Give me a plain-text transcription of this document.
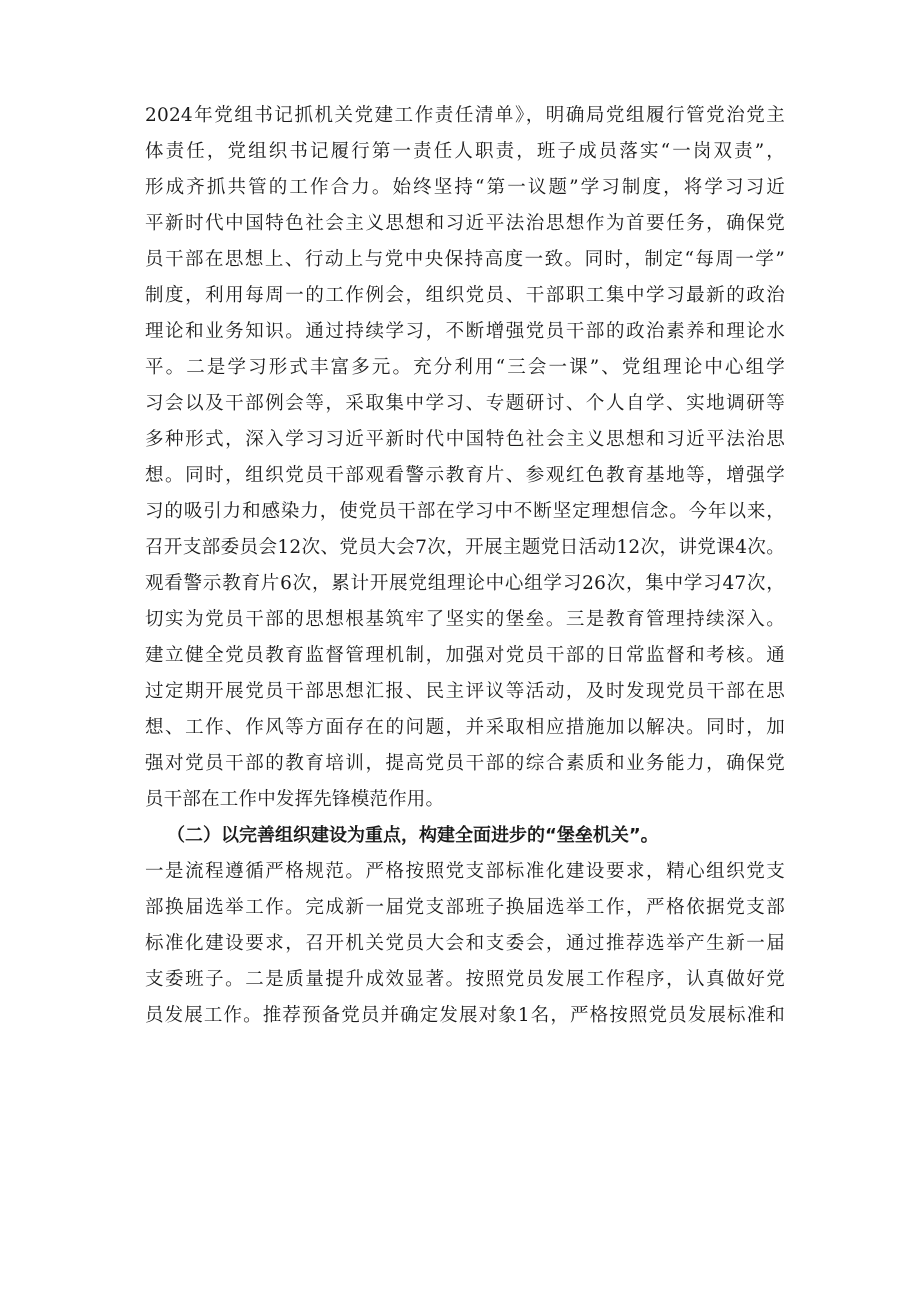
2024年党组书记抓机关党建工作责任清单》，明确局党组履行管党治党主
体责任，党组织书记履行第一责任人职责，班子成员落实“一岗双责”，
形成齐抓共管的工作合力。始终坚持“第一议题”学习制度，将学习习近
平新时代中国特色社会主义思想和习近平法治思想作为首要任务，确保党
员干部在思想上、行动上与党中央保持高度一致。同时，制定“每周一学”
制度，利用每周一的工作例会，组织党员、干部职工集中学习最新的政治
理论和业务知识。通过持续学习，不断增强党员干部的政治素养和理论水
平。二是学习形式丰富多元。充分利用“三会一课”、党组理论中心组学
习会以及干部例会等，采取集中学习、专题研讨、个人自学、实地调研等
多种形式，深入学习习近平新时代中国特色社会主义思想和习近平法治思
想。同时，组织党员干部观看警示教育片、参观红色教育基地等，增强学
习的吸引力和感染力，使党员干部在学习中不断坚定理想信念。今年以来，
召开支部委员会12次、党员大会7次，开展主题党日活动12次，讲党课4次。
观看警示教育片6次，累计开展党组理论中心组学习26次，集中学习47次，
切实为党员干部的思想根基筑牢了坚实的堡垒。三是教育管理持续深入。
建立健全党员教育监督管理机制，加强对党员干部的日常监督和考核。通
过定期开展党员干部思想汇报、民主评议等活动，及时发现党员干部在思
想、工作、作风等方面存在的问题，并采取相应措施加以解决。同时，加
强对党员干部的教育培训，提高党员干部的综合素质和业务能力，确保党
员干部在工作中发挥先锋模范作用。
（二）以完善组织建设为重点，构建全面进步的“堡垒机关”。
一是流程遵循严格规范。严格按照党支部标准化建设要求，精心组织党支
部换届选举工作。完成新一届党支部班子换届选举工作，严格依据党支部
标准化建设要求，召开机关党员大会和支委会，通过推荐选举产生新一届
支委班子。二是质量提升成效显著。按照党员发展工作程序，认真做好党
员发展工作。推荐预备党员并确定发展对象1名，严格按照党员发展标准和
